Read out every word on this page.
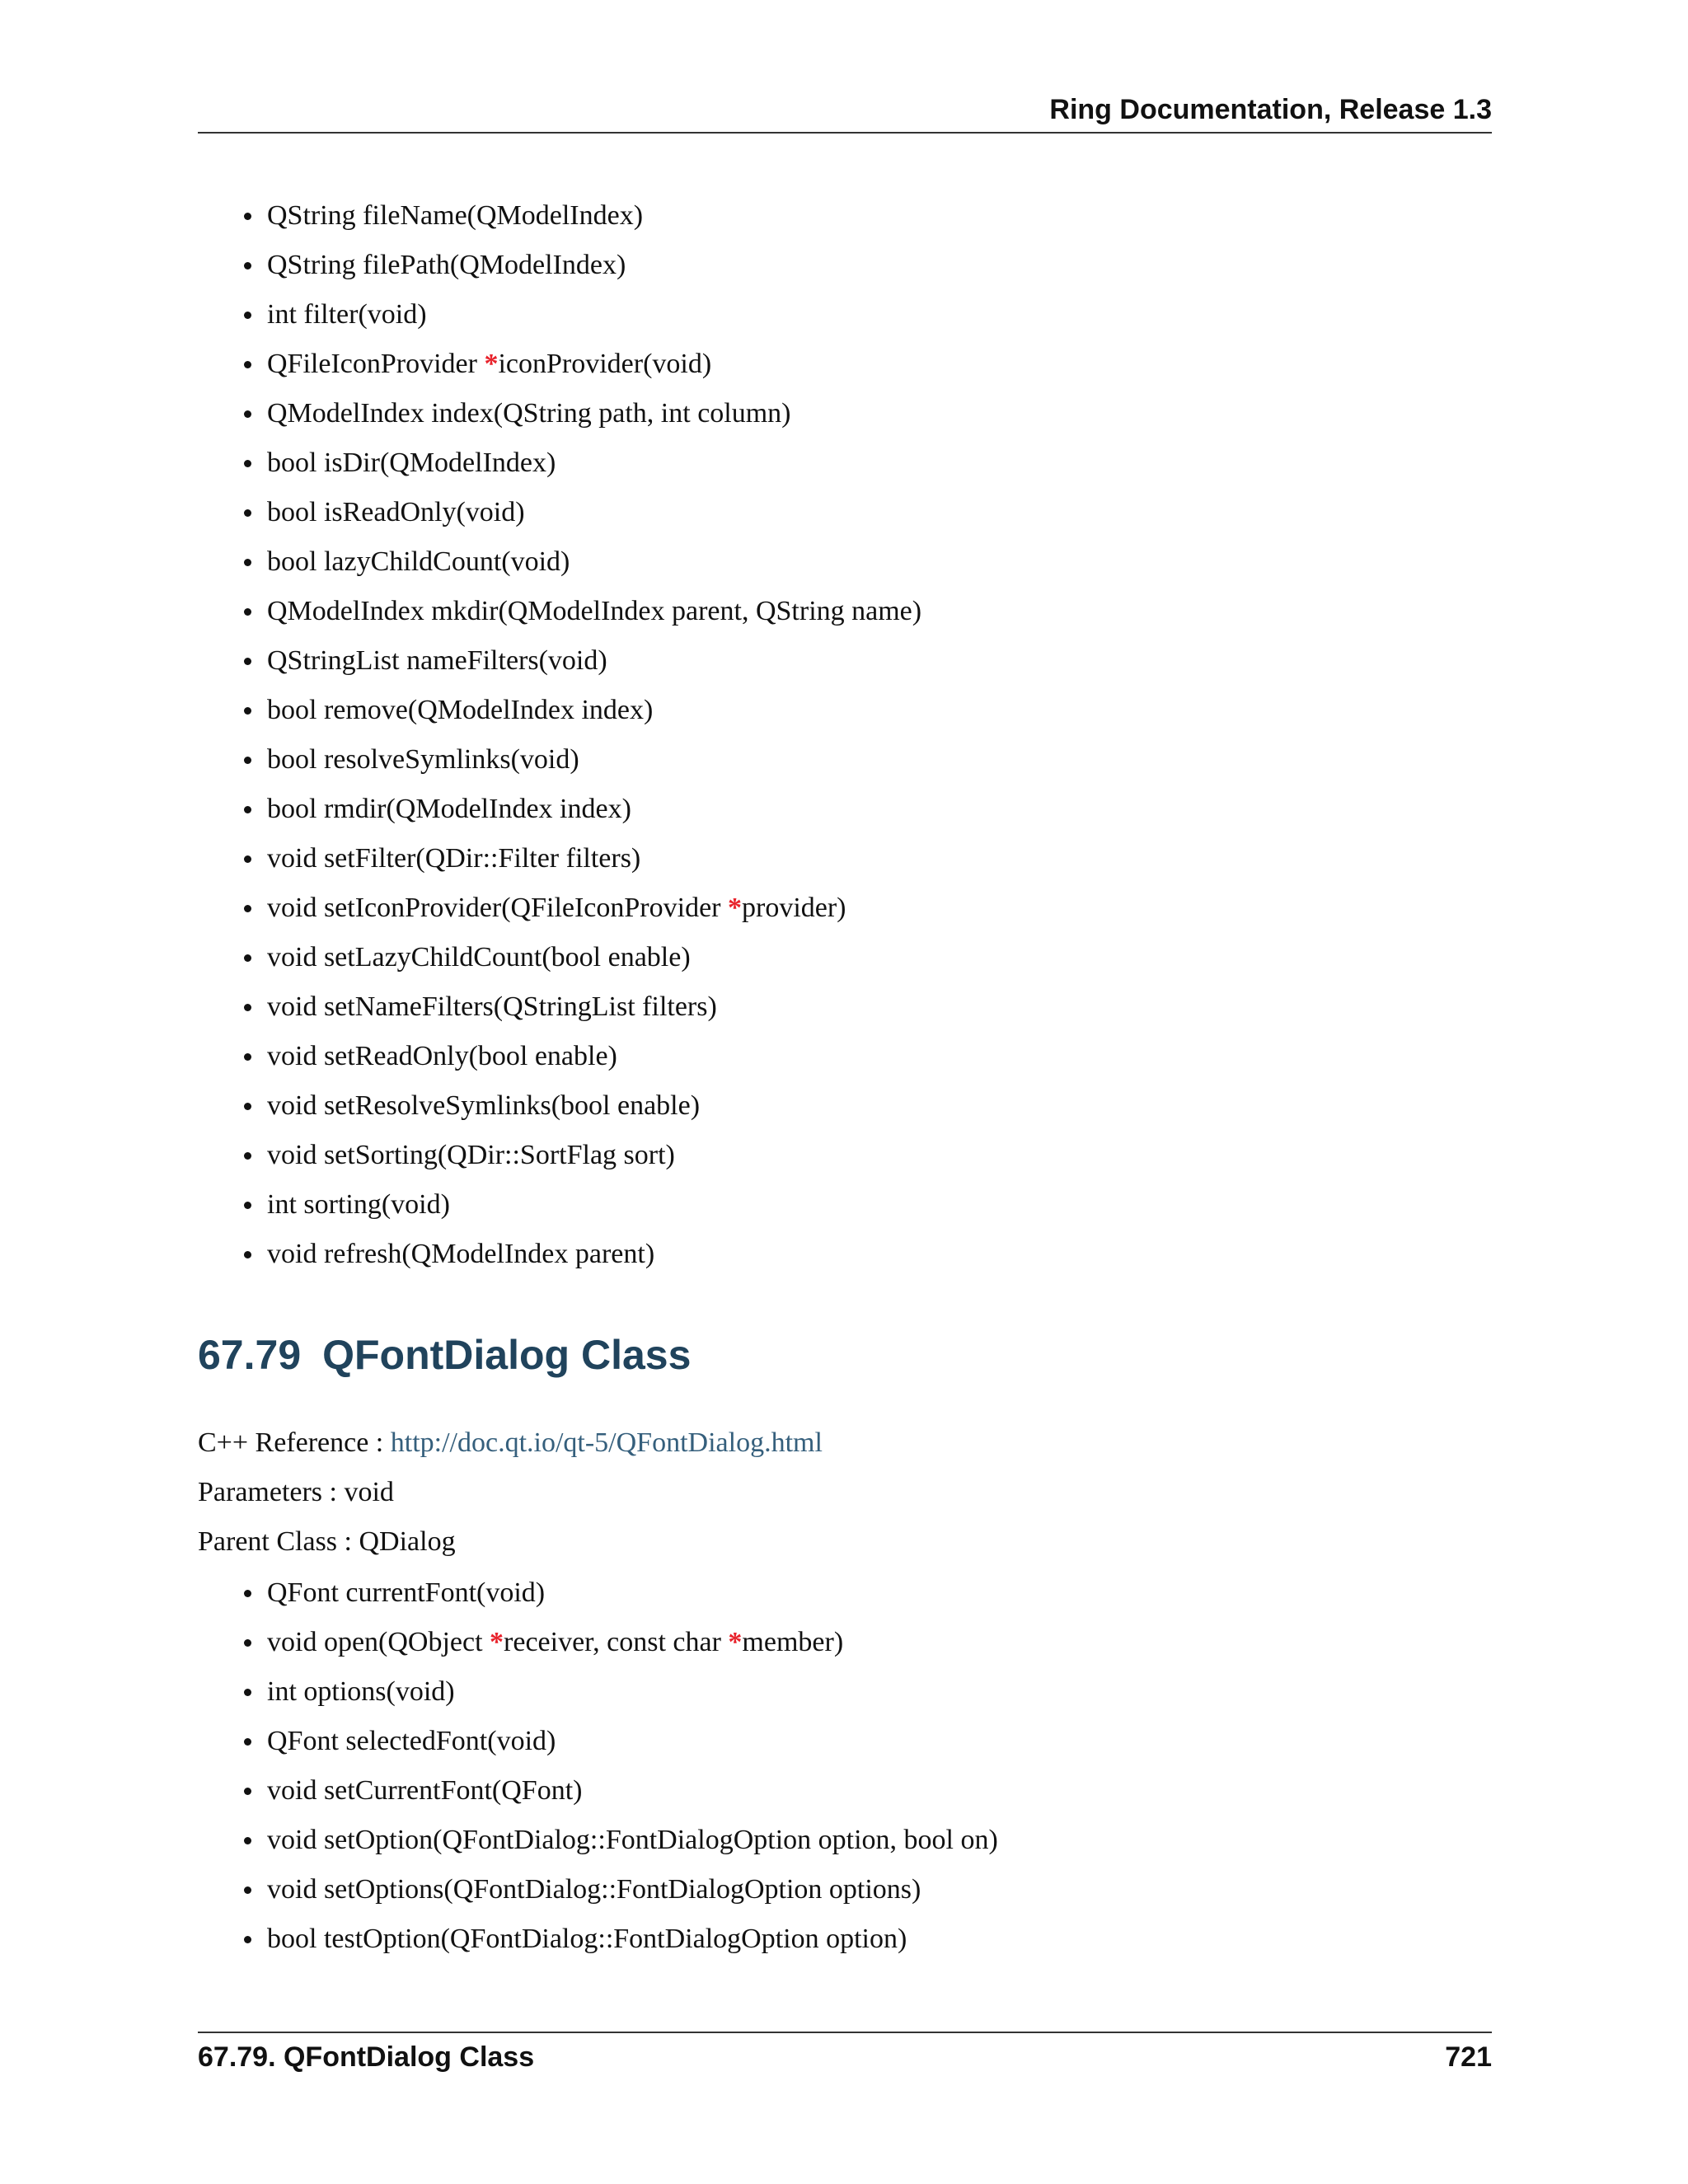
Ring Documentation, Release 1.3
QString fileName(QModelIndex)
QString filePath(QModelIndex)
int filter(void)
QFileIconProvider *iconProvider(void)
QModelIndex index(QString path, int column)
bool isDir(QModelIndex)
bool isReadOnly(void)
bool lazyChildCount(void)
QModelIndex mkdir(QModelIndex parent, QString name)
QStringList nameFilters(void)
bool remove(QModelIndex index)
bool resolveSymlinks(void)
bool rmdir(QModelIndex index)
void setFilter(QDir::Filter filters)
void setIconProvider(QFileIconProvider *provider)
void setLazyChildCount(bool enable)
void setNameFilters(QStringList filters)
void setReadOnly(bool enable)
void setResolveSymlinks(bool enable)
void setSorting(QDir::SortFlag sort)
int sorting(void)
void refresh(QModelIndex parent)
67.79 QFontDialog Class

C++ Reference : http://doc.qt.io/qt-5/QFontDialog.html

Parameters : void

Parent Class : QDialog

QFont currentFont(void)
void open(QObject *receiver, const char *member)
int options(void)
QFont selectedFont(void)
void setCurrentFont(QFont)
void setOption(QFontDialog::FontDialogOption option, bool on)
void setOptions(QFontDialog::FontDialogOption options)
bool testOption(QFontDialog::FontDialogOption option)
67.79. QFontDialog Class	721
